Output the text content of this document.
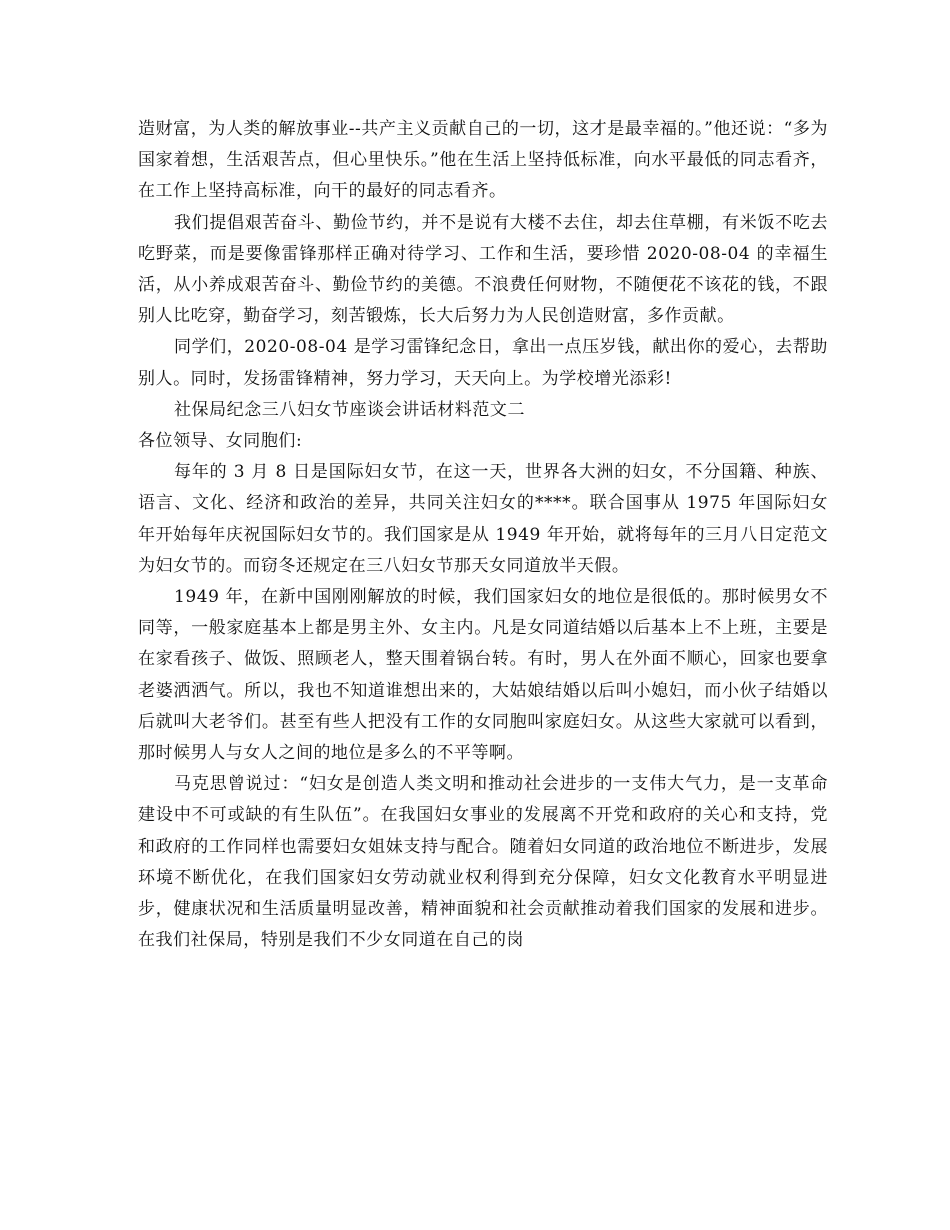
造财富，为人类的解放事业--共产主义贡献自己的一切，这才是最幸福的。”他还说：“多为国家着想，生活艰苦点，但心里快乐。”他在生活上坚持低标准，向水平最低的同志看齐，在工作上坚持高标准，向干的最好的同志看齐。

我们提倡艰苦奋斗、勤俭节约，并不是说有大楼不去住，却去住草棚，有米饭不吃去吃野菜，而是要像雷锋那样正确对待学习、工作和生活，要珍惜 2020-08-04 的幸福生活，从小养成艰苦奋斗、勤俭节约的美德。不浪费任何财物，不随便花不该花的钱，不跟别人比吃穿，勤奋学习，刻苦锻炼，长大后努力为人民创造财富，多作贡献。

同学们，2020-08-04 是学习雷锋纪念日，拿出一点压岁钱，献出你的爱心，去帮助别人。同时，发扬雷锋精神，努力学习，天天向上。为学校增光添彩!

社保局纪念三八妇女节座谈会讲话材料范文二

各位领导、女同胞们:

每年的 3 月 8 日是国际妇女节，在这一天，世界各大洲的妇女，不分国籍、种族、语言、文化、经济和政治的差异，共同关注妇女的****。联合国事从 1975 年国际妇女年开始每年庆祝国际妇女节的。我们国家是从 1949 年开始，就将每年的三月八日定范文为妇女节的。而窃冬还规定在三八妇女节那天女同道放半天假。

1949 年，在新中国刚刚解放的时候，我们国家妇女的地位是很低的。那时候男女不同等，一般家庭基本上都是男主外、女主内。凡是女同道结婚以后基本上不上班，主要是在家看孩子、做饭、照顾老人，整天围着锅台转。有时，男人在外面不顺心，回家也要拿老婆洒洒气。所以，我也不知道谁想出来的，大姑娘结婚以后叫小媳妇，而小伙子结婚以后就叫大老爷们。甚至有些人把没有工作的女同胞叫家庭妇女。从这些大家就可以看到，那时候男人与女人之间的地位是多么的不平等啊。

马克思曾说过：“妇女是创造人类文明和推动社会进步的一支伟大气力，是一支革命建设中不可或缺的有生队伍”。在我国妇女事业的发展离不开党和政府的关心和支持，党和政府的工作同样也需要妇女姐妹支持与配合。随着妇女同道的政治地位不断进步，发展环境不断优化，在我们国家妇女劳动就业权利得到充分保障，妇女文化教育水平明显进步，健康状况和生活质量明显改善，精神面貌和社会贡献推动着我们国家的发展和进步。在我们社保局，特别是我们不少女同道在自己的岗
